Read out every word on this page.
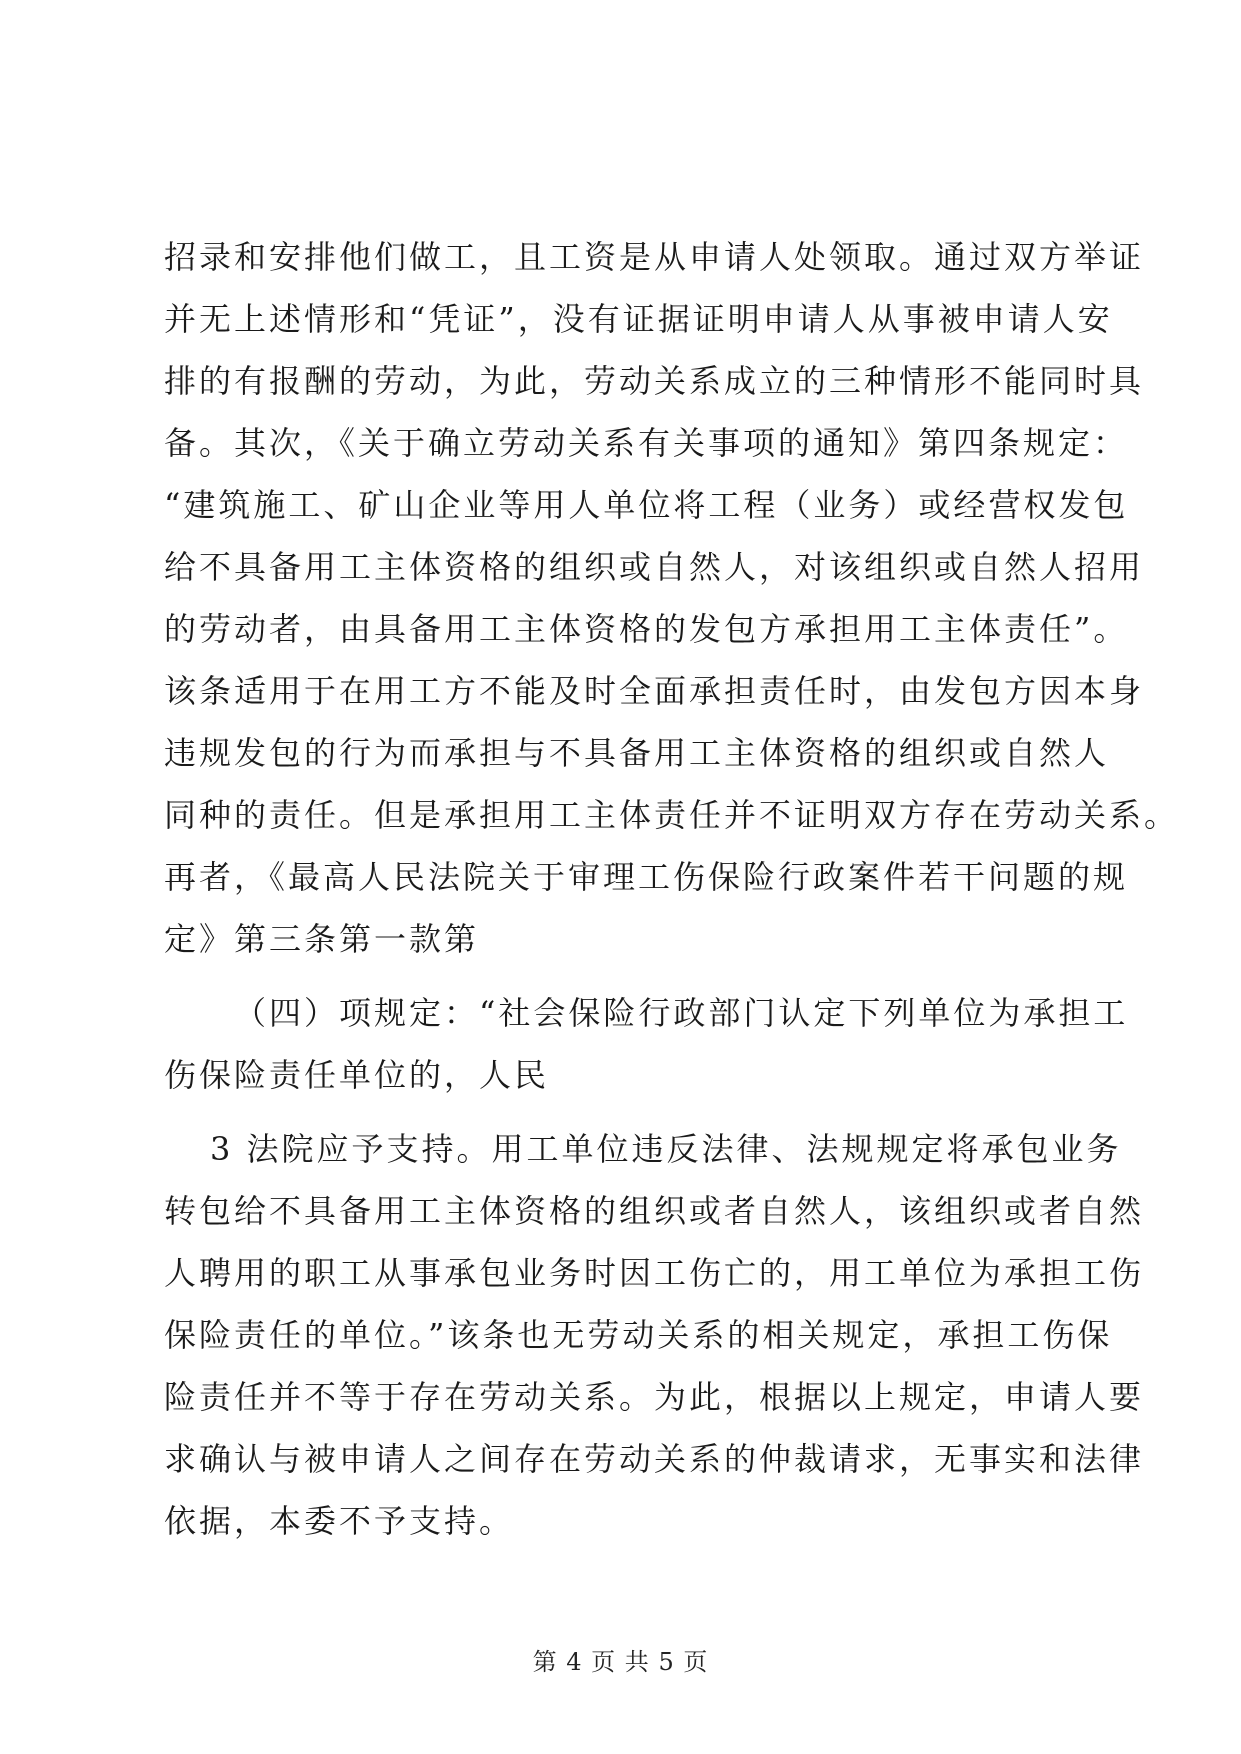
招录和安排他们做工，且工资是从申请人处领取。通过双方举证
并无上述情形和“凭证”，没有证据证明申请人从事被申请人安
排的有报酬的劳动，为此，劳动关系成立的三种情形不能同时具
备。其次，《关于确立劳动关系有关事项的通知》第四条规定：
“建筑施工、矿山企业等用人单位将工程（业务）或经营权发包
给不具备用工主体资格的组织或自然人，对该组织或自然人招用
的劳动者，由具备用工主体资格的发包方承担用工主体责任”。
该条适用于在用工方不能及时全面承担责任时，由发包方因本身
违规发包的行为而承担与不具备用工主体资格的组织或自然人
同种的责任。但是承担用工主体责任并不证明双方存在劳动关系。
再者，《最高人民法院关于审理工伤保险行政案件若干问题的规
定》第三条第一款第
（四）项规定：“社会保险行政部门认定下列单位为承担工
伤保险责任单位的，人民
3 法院应予支持。用工单位违反法律、法规规定将承包业务
转包给不具备用工主体资格的组织或者自然人，该组织或者自然
人聘用的职工从事承包业务时因工伤亡的，用工单位为承担工伤
保险责任的单位。”该条也无劳动关系的相关规定，承担工伤保
险责任并不等于存在劳动关系。为此，根据以上规定，申请人要
求确认与被申请人之间存在劳动关系的仲裁请求，无事实和法律
依据，本委不予支持。
第 4 页 共 5 页
